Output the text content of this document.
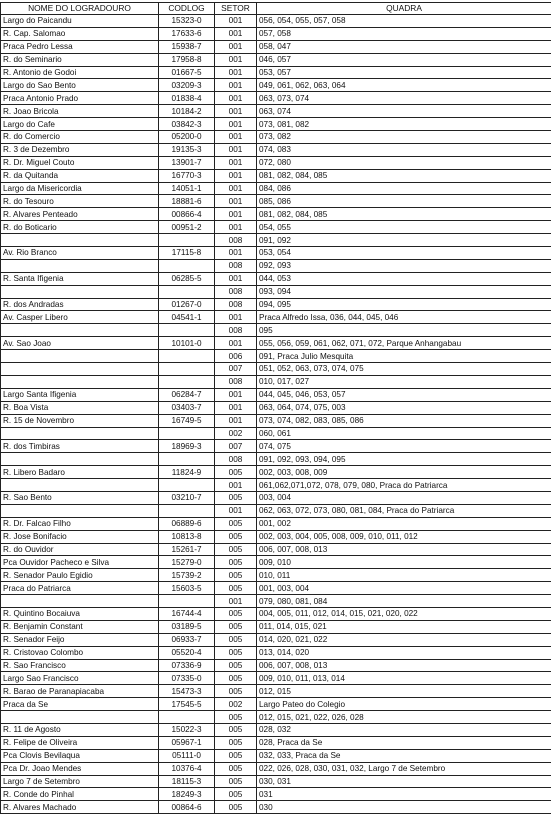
NOME DO LOGRADOURO	CODLOG	SETOR	QUADRA
Largo do Paicandu	15323-0	001	056, 054, 055, 057, 058
R. Cap. Salomao	17633-6	001	057, 058
Praca Pedro Lessa	15938-7	001	058, 047
R. do Seminario	17958-8	001	046, 057
R. Antonio de Godoi	01667-5	001	053, 057
Largo do Sao Bento	03209-3	001	049, 061, 062, 063, 064
Praca Antonio Prado	01838-4	001	063, 073, 074
R. Joao Bricola	10184-2	001	063, 074
Largo do Cafe	03842-3	001	073, 081, 082
R. do Comercio	05200-0	001	073, 082
R. 3 de Dezembro	19135-3	001	074, 083
R. Dr. Miguel Couto	13901-7	001	072, 080
R. da Quitanda	16770-3	001	081, 082, 084, 085
Largo da Misericordia	14051-1	001	084, 086
R. do Tesouro	18881-6	001	085, 086
R. Alvares Penteado	00866-4	001	081, 082, 084, 085
R. do Boticario	00951-2	001	054, 055
		008	091, 092
Av. Rio Branco	17115-8	001	053, 054
		008	092, 093
R. Santa Ifigenia	06285-5	001	044, 053
		008	093, 094
R. dos Andradas	01267-0	008	094, 095
Av. Casper Libero	04541-1	001	Praca Alfredo Issa, 036, 044, 045, 046
		008	095
Av. Sao Joao	10101-0	001	055, 056, 059, 061, 062, 071, 072, Parque Anhangabau
		006	091, Praca Julio Mesquita
		007	051, 052, 063, 073, 074, 075
		008	010, 017, 027
Largo Santa Ifigenia	06284-7	001	044, 045, 046, 053, 057
R. Boa Vista	03403-7	001	063, 064, 074, 075, 003
R. 15 de Novembro	16749-5	001	073, 074, 082, 083, 085, 086
		002	060, 061
R. dos Timbiras	18969-3	007	074, 075
		008	091, 092, 093, 094, 095
R. Libero Badaro	11824-9	005	002, 003, 008, 009
		001	061,062,071,072, 078, 079, 080, Praca do Patriarca
R. Sao Bento	03210-7	005	003, 004
		001	062, 063, 072, 073, 080, 081, 084, Praca do Patriarca
R. Dr. Falcao Filho	06889-6	005	001, 002
R. Jose Bonifacio	10813-8	005	002, 003, 004, 005, 008, 009, 010, 011, 012
R. do Ouvidor	15261-7	005	006, 007, 008, 013
Pca Ouvidor Pacheco e Silva	15279-0	005	009, 010
R. Senador Paulo Egidio	15739-2	005	010, 011
Praca do Patriarca	15603-5	005	001, 003, 004
		001	079, 080, 081, 084
R. Quintino Bocaiuva	16744-4	005	004, 005, 011, 012, 014, 015, 021, 020, 022
R. Benjamin Constant	03189-5	005	011, 014, 015, 021
R. Senador Feijo	06933-7	005	014, 020, 021, 022
R. Cristovao Colombo	05520-4	005	013, 014, 020
R. Sao Francisco	07336-9	005	006, 007, 008, 013
Largo Sao Francisco	07335-0	005	009, 010, 011, 013, 014
R. Barao de Paranapiacaba	15473-3	005	012, 015
Praca da Se	17545-5	002	Largo Pateo do Colegio
		005	012, 015, 021, 022, 026, 028
R. 11 de Agosto	15022-3	005	028, 032
R. Felipe de Oliveira	05967-1	005	028, Praca da Se
Pca Clovis Bevilaqua	05111-0	005	032, 033, Praca da Se
Pca Dr. Joao Mendes	10376-4	005	022, 026, 028, 030, 031, 032, Largo 7 de Setembro
Largo 7 de Setembro	18115-3	005	030, 031
R. Conde do Pinhal	18249-3	005	031
R. Alvares Machado	00864-6	005	030
